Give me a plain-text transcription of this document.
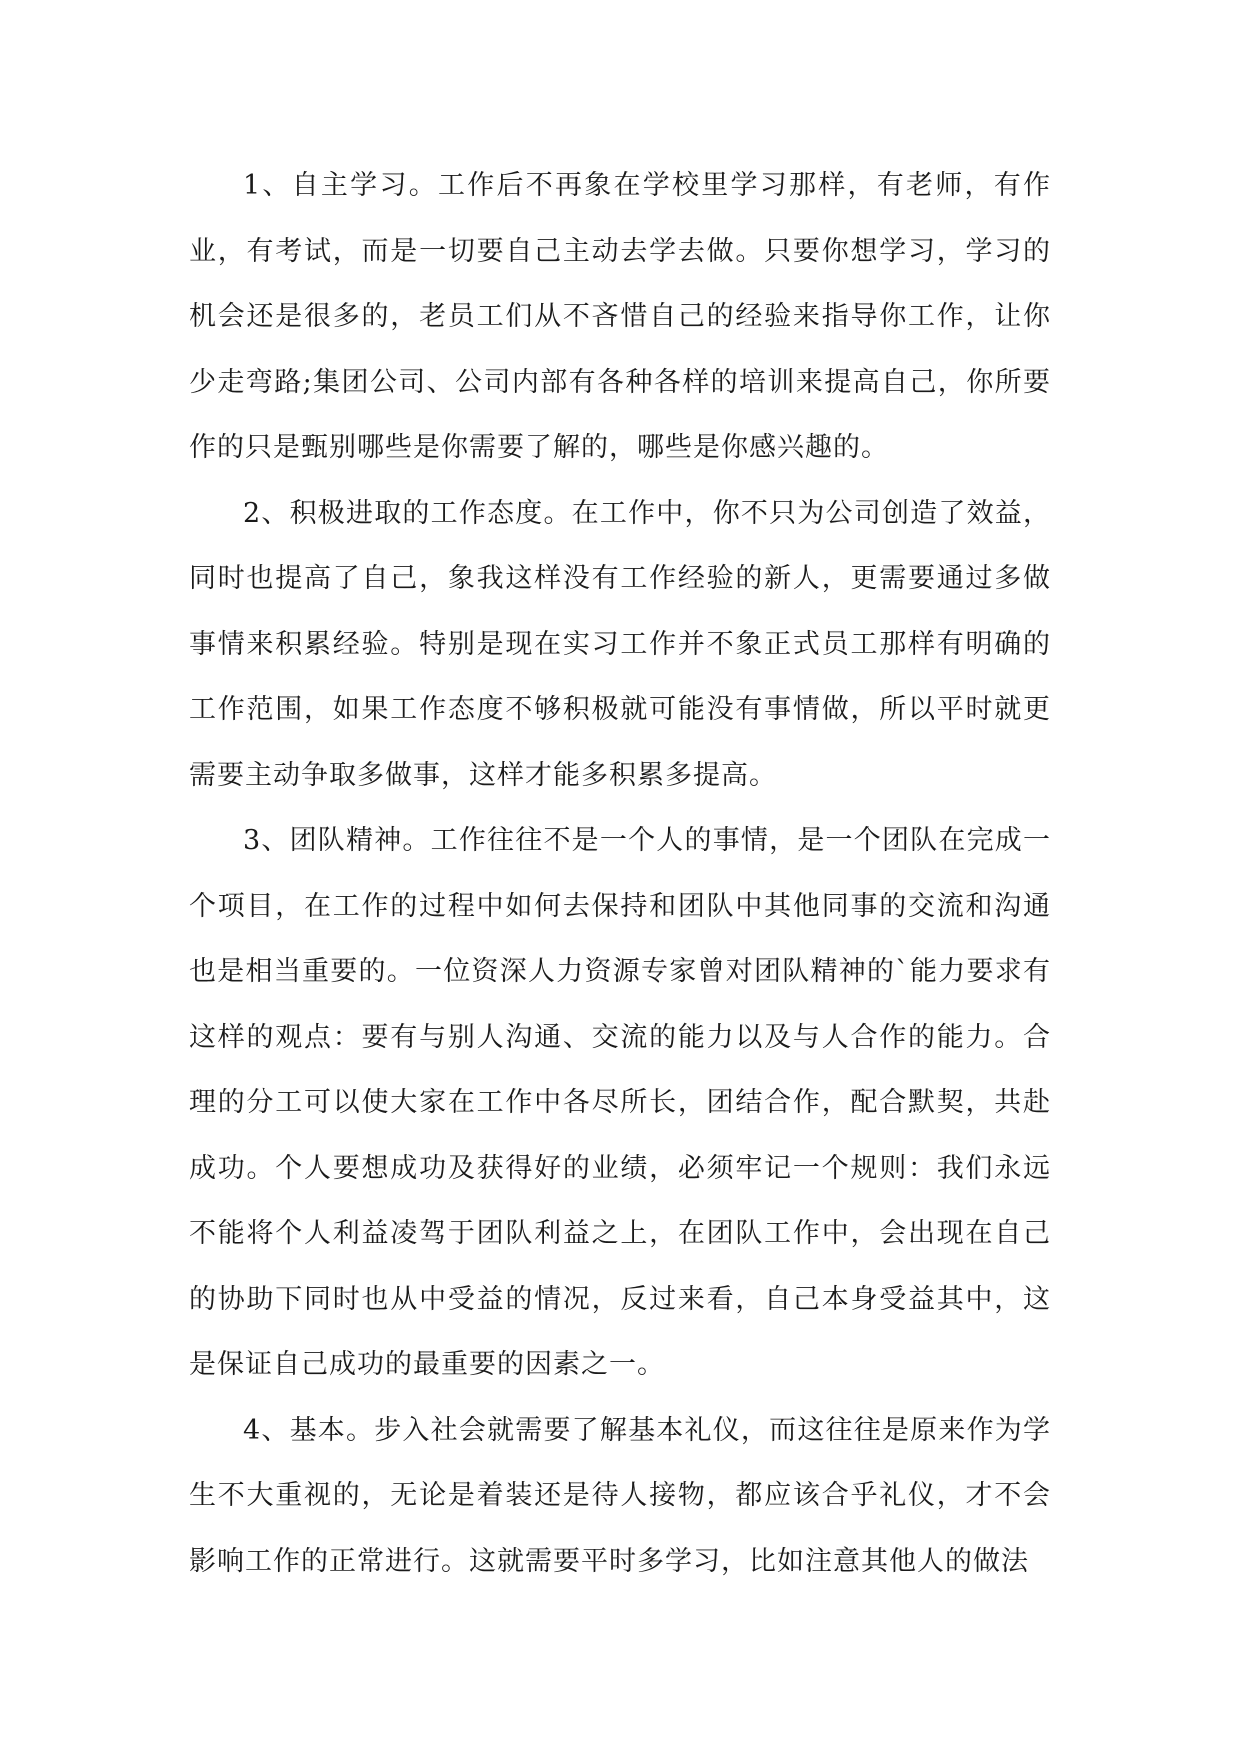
1、自主学习。工作后不再象在学校里学习那样，有老师，有作业，有考试，而是一切要自己主动去学去做。只要你想学习，学习的机会还是很多的，老员工们从不吝惜自己的经验来指导你工作，让你少走弯路;集团公司、公司内部有各种各样的培训来提高自己，你所要作的只是甄别哪些是你需要了解的，哪些是你感兴趣的。

2、积极进取的工作态度。在工作中，你不只为公司创造了效益，同时也提高了自己，象我这样没有工作经验的新人，更需要通过多做事情来积累经验。特别是现在实习工作并不象正式员工那样有明确的工作范围，如果工作态度不够积极就可能没有事情做，所以平时就更需要主动争取多做事，这样才能多积累多提高。

3、团队精神。工作往往不是一个人的事情，是一个团队在完成一个项目，在工作的过程中如何去保持和团队中其他同事的交流和沟通也是相当重要的。一位资深人力资源专家曾对团队精神的`能力要求有这样的观点：要有与别人沟通、交流的能力以及与人合作的能力。合理的分工可以使大家在工作中各尽所长，团结合作，配合默契，共赴成功。个人要想成功及获得好的业绩，必须牢记一个规则：我们永远不能将个人利益凌驾于团队利益之上，在团队工作中，会出现在自己的协助下同时也从中受益的情况，反过来看，自己本身受益其中，这是保证自己成功的最重要的因素之一。

4、基本。步入社会就需要了解基本礼仪，而这往往是原来作为学生不大重视的，无论是着装还是待人接物，都应该合乎礼仪，才不会影响工作的正常进行。这就需要平时多学习，比如注意其他人的做法
